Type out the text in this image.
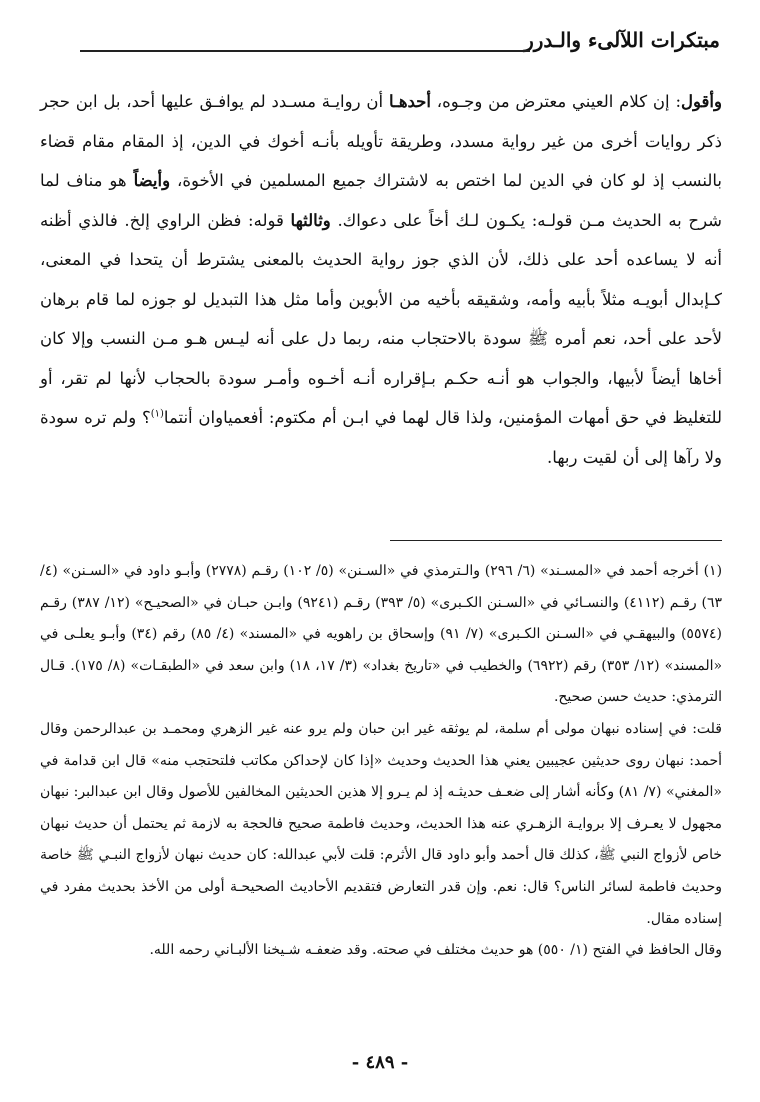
مبتكرات اللآلىء والـدرر

وأقول: إن كلام العيني معترض من وجـوه، أحدهـا أن روايـة مسـدد لم يوافـق عليها أحد، بل ابن حجر ذكر روايات أخرى من غير رواية مسدد، وطريقة تأويله بأنـه أخوك في الدين، إذ المقام مقام قضاء بالنسب إذ لو كان في الدين لما اختص به لاشتراك جميع المسلمين في الأخوة، وأيضاً هو مناف لما شرح به الحديث مـن قولـه: يكـون لـك أخاً على دعواك. وثالثها قوله: فظن الراوي إلخ. فالذي أظنه أنه لا يساعده أحد على ذلك، لأن الذي جوز رواية الحديث بالمعنى يشترط أن يتحدا في المعنى، كـإبدال أبويـه مثلاً بأبيه وأمه، وشقيقه بأخيه من الأبوين وأما مثل هذا التبديل لو جوزه لما قام برهان لأحد على أحد، نعم أمره ﷺ سودة بالاحتجاب منه، ربما دل على أنه ليـس هـو مـن النسب وإلا كان أخاها أيضاً لأبيها، والجواب هو أنـه حكـم بـإقراره أنـه أخـوه وأمـر سودة بالحجاب لأنها لم تقر، أو للتغليظ في حق أمهات المؤمنين، ولذا قال لهما في ابـن أم مكتوم: أفعمياوان أنتما$^{(١)}$؟ ولم تره سودة ولا رآها إلى أن لقيت ربها.

(١) أخرجه أحمد في «المسـند» (٦/ ٢٩٦) والـترمذي في «السـنن» (٥/ ١٠٢) رقـم (٢٧٧٨) وأبـو داود في «السـنن» (٤/ ٦٣) رقـم (٤١١٢) والنسـائي في «السـنن الكـبرى» (٥/ ٣٩٣) رقـم (٩٢٤١) وابـن حبـان في «الصحيـح» (١٢/ ٣٨٧) رقـم (٥٥٧٤) والبيهقـي في «السـنن الكـبرى» (٧/ ٩١) وإسحاق بن راهويه في «المسند» (٤/ ٨٥) رقم (٣٤) وأبـو يعلـى في «المسند» (١٢/ ٣٥٣) رقم (٦٩٢٢) والخطيب في «تاريخ بغداد» (٣/ ١٧، ١٨) وابن سعد في «الطبقـات» (٨/ ١٧٥). قـال الترمذي: حديث حسن صحيح.

قلت: في إسناده نبهان مولى أم سلمة، لم يوثقه غير ابن حبان ولم يرو عنه غير الزهري ومحمـد بن عبدالرحمن وقال أحمد: نبهان روى حديثين عجيبين يعني هذا الحديث وحديث «إذا كان لإحداكن مكاتب فلتحتجب منه» قال ابن قدامة في «المغني» (٧/ ٨١) وكأنه أشار إلى ضعـف حديثـه إذ لم يـرو إلا هذين الحديثين المخالفين للأصول وقال ابن عبدالبر: نبهان مجهول لا يعـرف إلا بروايـة الزهـري عنه هذا الحديث، وحديث فاطمة صحيح فالحجة به لازمة ثم يحتمل أن حديث نبهان خاص لأزواج النبي ﷺ، كذلك قال أحمد وأبو داود قال الأثرم: قلت لأبي عبدالله: كان حديث نبهان لأزواج النبـي ﷺ خاصة وحديث فاطمة لسائر الناس؟ قال: نعم. وإن قدر التعارض فتقديم الأحاديث الصحيحـة أولى من الأخذ بحديث مفرد في إسناده مقال.

وقال الحافظ في الفتح (١/ ٥٥٠) هو حديث مختلف في صحته. وقد ضعفـه شـيخنا الألبـاني رحمه الله.

- ٤٨٩ -
